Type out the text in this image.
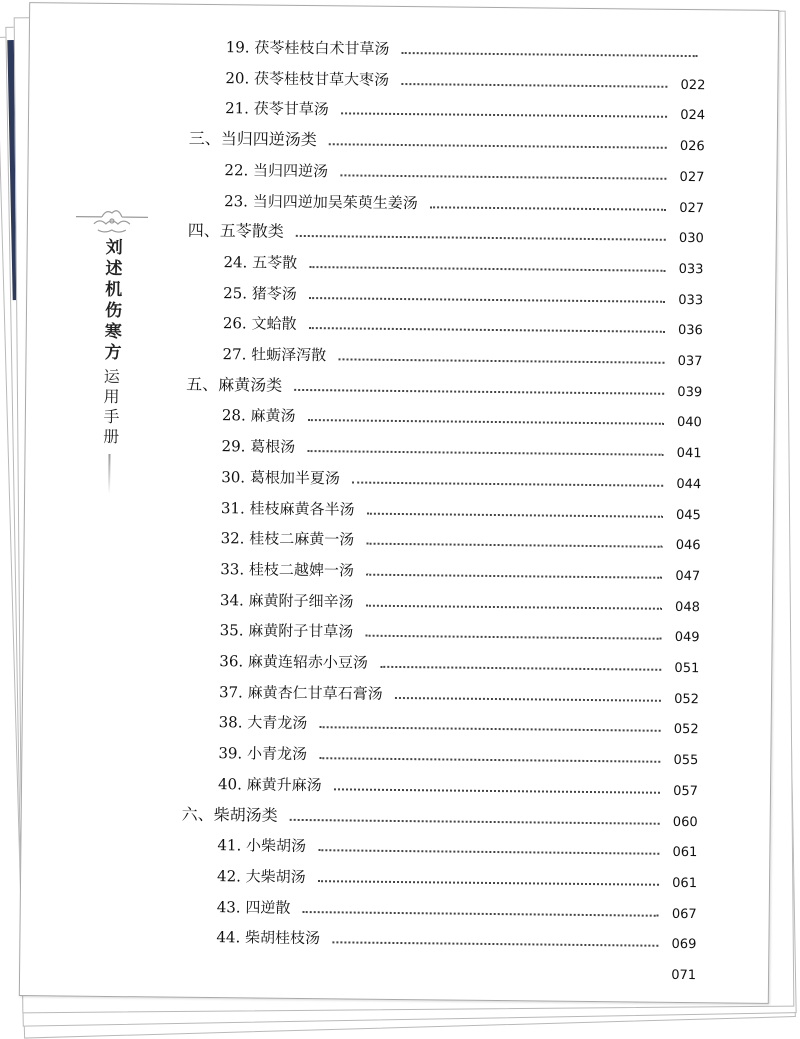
刘述机伤寒方
运用手册
19. 茯苓桂枝白术甘草汤
20. 茯苓桂枝甘草大枣汤	022
21. 茯苓甘草汤	024
三、当归四逆汤类	026
22. 当归四逆汤	027
23. 当归四逆加吴茱萸生姜汤	027
四、五苓散类	030
24. 五苓散	033
25. 猪苓汤	033
26. 文蛤散	036
27. 牡蛎泽泻散	037
五、麻黄汤类	039
28. 麻黄汤	040
29. 葛根汤	041
30. 葛根加半夏汤	044
31. 桂枝麻黄各半汤	045
32. 桂枝二麻黄一汤	046
33. 桂枝二越婢一汤	047
34. 麻黄附子细辛汤	048
35. 麻黄附子甘草汤	049
36. 麻黄连轺赤小豆汤	051
37. 麻黄杏仁甘草石膏汤	052
38. 大青龙汤	052
39. 小青龙汤	055
40. 麻黄升麻汤	057
六、柴胡汤类	060
41. 小柴胡汤	061
42. 大柴胡汤	061
43. 四逆散	067
44. 柴胡桂枝汤	069
071
